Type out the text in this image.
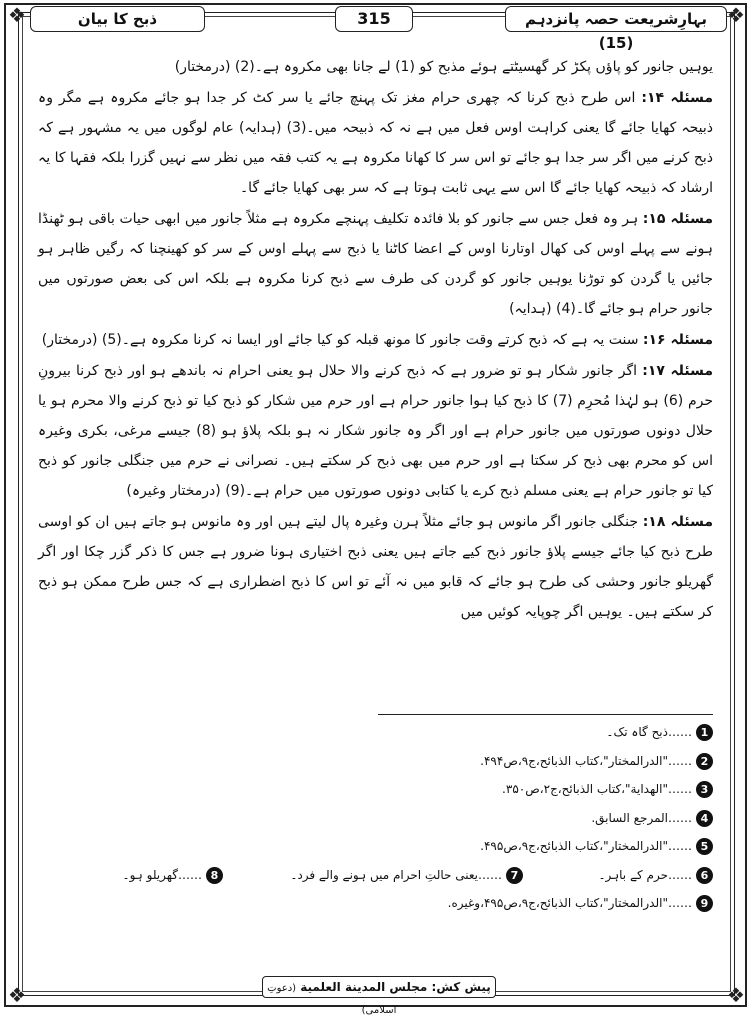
❖	❖
❖	❖
بہارِشریعت حصہ پانزدہم (15)
315
ذبح کا بیان

یوہیں جانور کو پاؤں پکڑ کر گھسیٹتے ہوئے مذبح کو (1) لے جانا بھی مکروہ ہے۔(2) (درمختار)

مسئلہ ۱۴: اس طرح ذبح کرنا کہ چھری حرام مغز تک پہنچ جائے یا سر کٹ کر جدا ہو جائے مکروہ ہے مگر وہ ذبیحہ کھایا جائے گا یعنی کراہت اوس فعل میں ہے نہ کہ ذبیحہ میں۔(3) (ہدایہ) عام لوگوں میں یہ مشہور ہے کہ ذبح کرنے میں اگر سر جدا ہو جائے تو اس سر کا کھانا مکروہ ہے یہ کتب فقہ میں نظر سے نہیں گزرا بلکہ فقہا کا یہ ارشاد کہ ذبیحہ کھایا جائے گا اس سے یہی ثابت ہوتا ہے کہ سر بھی کھایا جائے گا۔

مسئلہ ۱۵: ہر وہ فعل جس سے جانور کو بلا فائدہ تکلیف پہنچے مکروہ ہے مثلاً جانور میں ابھی حیات باقی ہو ٹھنڈا ہونے سے پہلے اوس کی کھال اوتارنا اوس کے اعضا کاٹنا یا ذبح سے پہلے اوس کے سر کو کھینچنا کہ رگیں ظاہر ہو جائیں یا گردن کو توڑنا یوہیں جانور کو گردن کی طرف سے ذبح کرنا مکروہ ہے بلکہ اس کی بعض صورتوں میں جانور حرام ہو جائے گا۔(4) (ہدایہ)

مسئلہ ۱۶: سنت یہ ہے کہ ذبح کرتے وقت جانور کا مونھ قبلہ کو کیا جائے اور ایسا نہ کرنا مکروہ ہے۔(5) (درمختار)

مسئلہ ۱۷: اگر جانور شکار ہو تو ضرور ہے کہ ذبح کرنے والا حلال ہو یعنی احرام نہ باندھے ہو اور ذبح کرنا بیرونِ حرم (6) ہو لہٰذا مُحرِم (7) کا ذبح کیا ہوا جانور حرام ہے اور حرم میں شکار کو ذبح کیا تو ذبح کرنے والا محرم ہو یا حلال دونوں صورتوں میں جانور حرام ہے اور اگر وہ جانور شکار نہ ہو بلکہ پلاؤ ہو (8) جیسے مرغی، بکری وغیرہ اس کو محرم بھی ذبح کر سکتا ہے اور حرم میں بھی ذبح کر سکتے ہیں۔ نصرانی نے حرم میں جنگلی جانور کو ذبح کیا تو جانور حرام ہے یعنی مسلم ذبح کرے یا کتابی دونوں صورتوں میں حرام ہے۔(9) (درمختار وغیرہ)

مسئلہ ۱۸: جنگلی جانور اگر مانوس ہو جائے مثلاً ہرن وغیرہ پال لیتے ہیں اور وہ مانوس ہو جاتے ہیں ان کو اوسی طرح ذبح کیا جائے جیسے پلاؤ جانور ذبح کیے جاتے ہیں یعنی ذبح اختیاری ہونا ضرور ہے جس کا ذکر گزر چکا اور اگر گھریلو جانور وحشی کی طرح ہو جائے کہ قابو میں نہ آئے تو اس کا ذبح اضطراری ہے کہ جس طرح ممکن ہو ذبح کر سکتے ہیں۔ یوہیں اگر چوپایہ کوئیں میں

1……ذبح گاہ تک۔
2……"الدرالمختار"،کتاب الذبائح،ج۹،ص۴۹۴.
3……"الهداية"،كتاب الذبائح،ج۲،ص۳۵۰.
4……المرجع السابق.
5……"الدرالمختار"،كتاب الذبائح،ج۹،ص۴۹۵.
6……حرم کے باہر۔
7……یعنی حالتِ احرام میں ہونے والے فرد۔
8……گھریلو ہو۔
9……"الدرالمختار"،كتاب الذبائح،ج۹،ص۴۹۵،وغيره.
پیش کش: مجلس المدينة العلمية (دعوتِ اسلامی)
